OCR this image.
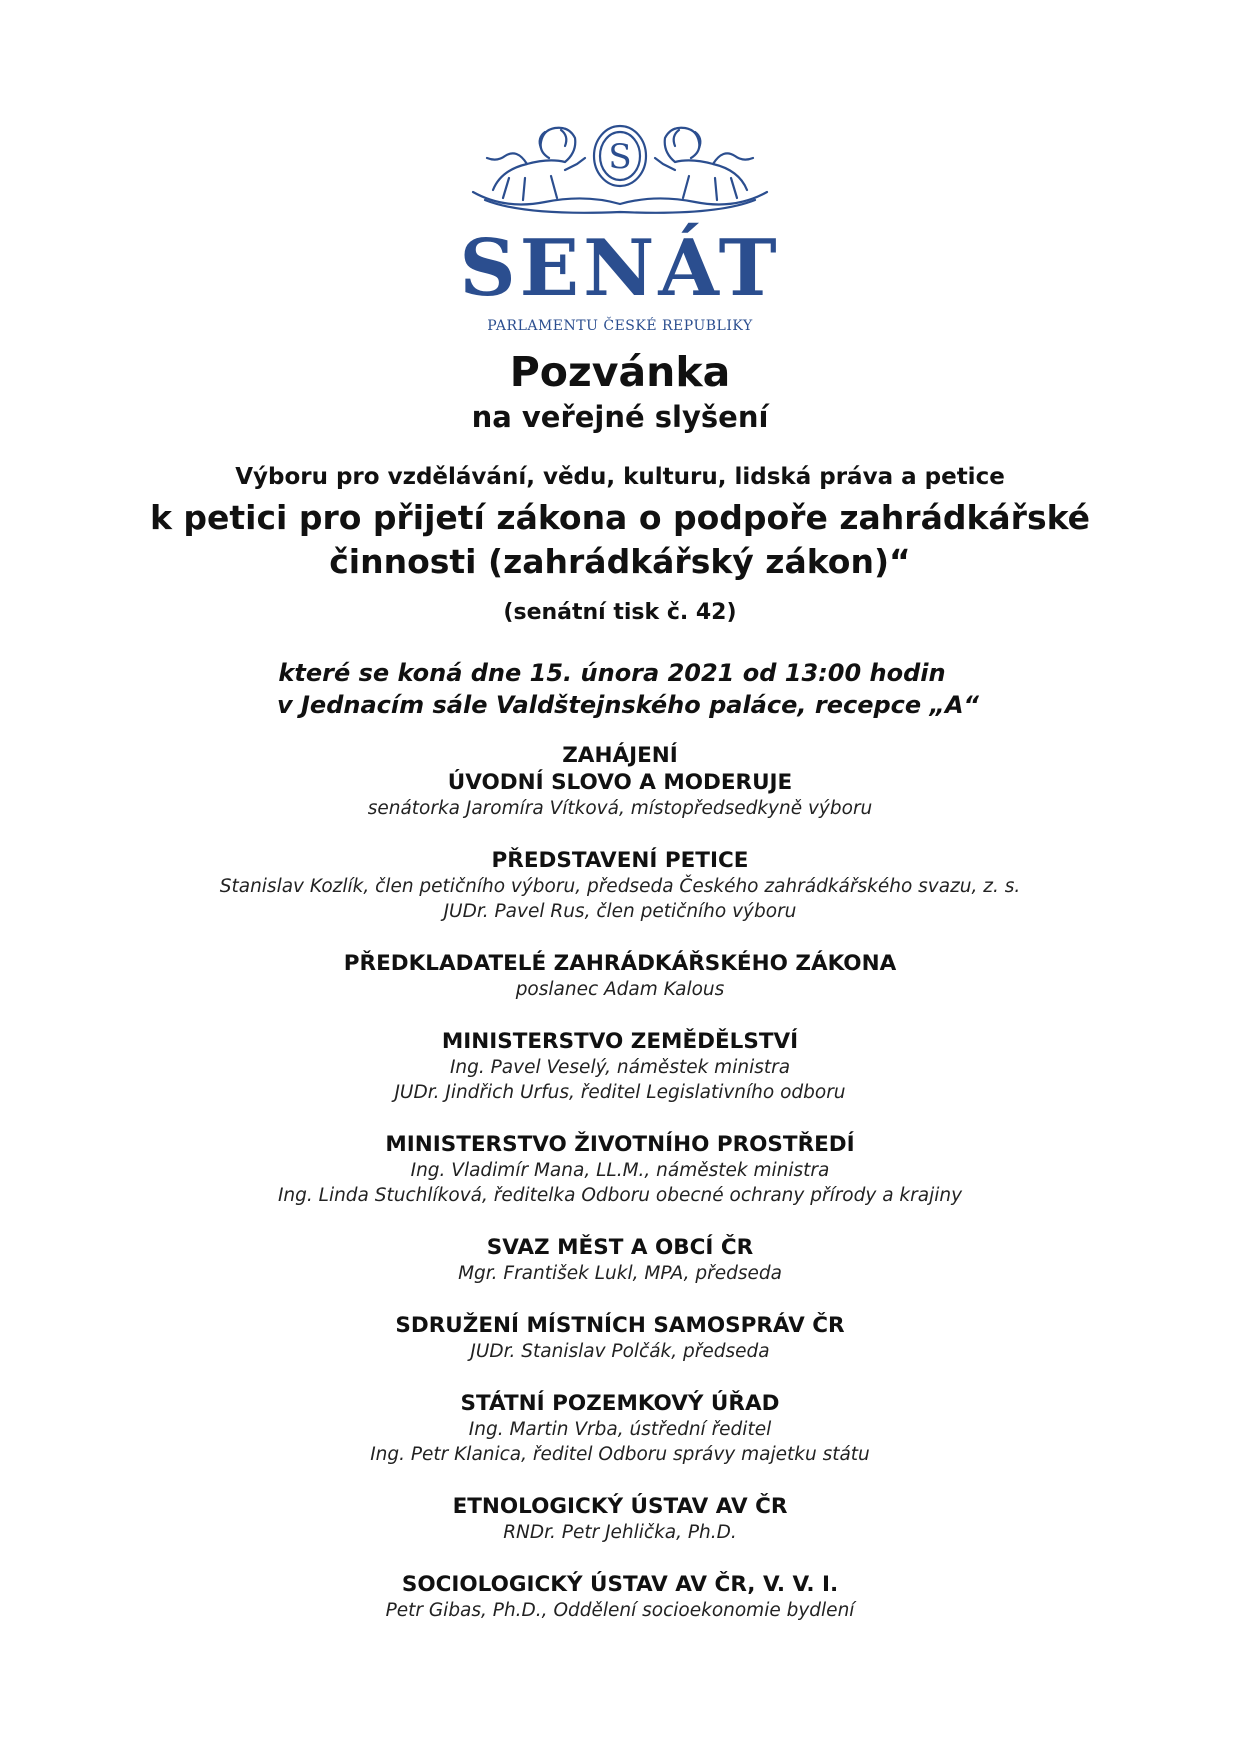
S
SENÁT
PARLAMENTU ČESKÉ REPUBLIKY
Pozvánka
na veřejné slyšení
Výboru pro vzdělávání, vědu, kulturu, lidská práva a petice
k petici pro přijetí zákona o podpoře zahrádkářské
činnosti (zahrádkářský zákon)“
(senátní tisk č. 42)
které se koná dne 15. února 2021 od 13:00 hodin
v Jednacím sále Valdštejnského paláce, recepce „A“
ZAHÁJENÍ
ÚVODNÍ SLOVO A MODERUJE
senátorka Jaromíra Vítková, místopředsedkyně výboru
PŘEDSTAVENÍ PETICE
Stanislav Kozlík, člen petičního výboru, předseda Českého zahrádkářského svazu, z. s.
JUDr. Pavel Rus, člen petičního výboru
PŘEDKLADATELÉ ZAHRÁDKÁŘSKÉHO ZÁKONA
poslanec Adam Kalous
MINISTERSTVO ZEMĚDĚLSTVÍ
Ing. Pavel Veselý, náměstek ministra
JUDr. Jindřich Urfus, ředitel Legislativního odboru
MINISTERSTVO ŽIVOTNÍHO PROSTŘEDÍ
Ing. Vladimír Mana, LL.M., náměstek ministra
Ing. Linda Stuchlíková, ředitelka Odboru obecné ochrany přírody a krajiny
SVAZ MĚST A OBCÍ ČR
Mgr. František Lukl, MPA, předseda
SDRUŽENÍ MÍSTNÍCH SAMOSPRÁV ČR
JUDr. Stanislav Polčák, předseda
STÁTNÍ POZEMKOVÝ ÚŘAD
Ing. Martin Vrba, ústřední ředitel
Ing. Petr Klanica, ředitel Odboru správy majetku státu
ETNOLOGICKÝ ÚSTAV AV ČR
RNDr. Petr Jehlička, Ph.D.
SOCIOLOGICKÝ ÚSTAV AV ČR, V. V. I.
Petr Gibas, Ph.D., Oddělení socioekonomie bydlení
